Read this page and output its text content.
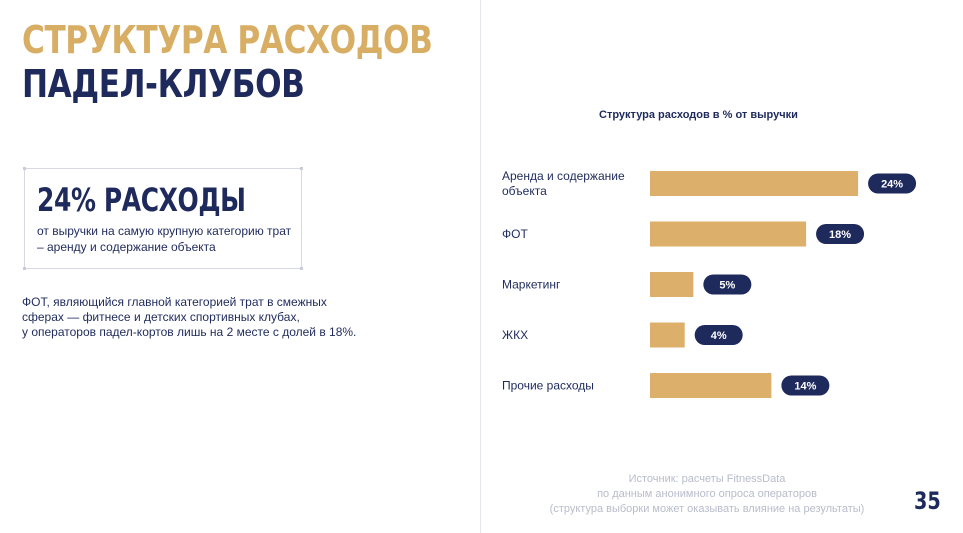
СТРУКТУРА РАСХОДОВ
ПАДЕЛ-КЛУБОВ
24% РАСХОДЫ
от выручки на самую крупную категорию трат – аренду и содержание объекта
ФОТ, являющийся главной категорией трат в смежных
сферах — фитнесе и детских спортивных клубах,
у операторов падел-кортов лишь на 2 месте с долей в 18%.
Структура расходов в % от выручки
Аренда и содержание объекта	24%
ФОТ	18%
Маркетинг	5%
ЖКХ	4%
Прочие расходы	14%
Источник: расчеты FitnessData
по данным анонимного опроса операторов
(структура выборки может оказывать влияние на результаты)	35
